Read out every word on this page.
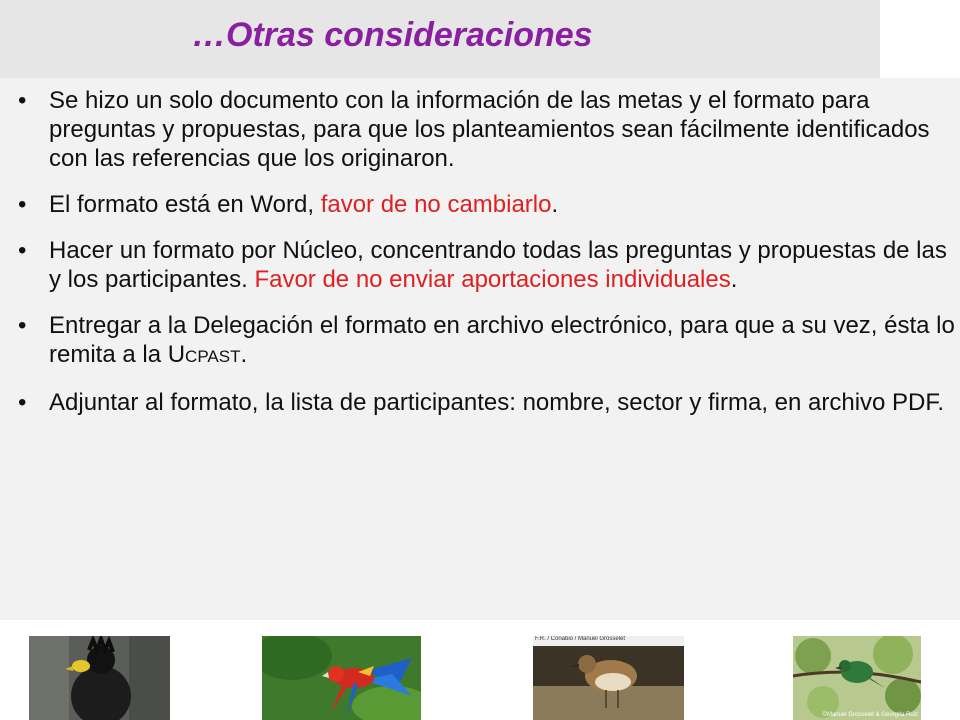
…Otras consideraciones
• Se hizo un solo documento con la información de las metas y el formato para preguntas y propuestas, para que los planteamientos sean fácilmente identificados con las referencias que los originaron.
• El formato está en Word, favor de no cambiarlo.
• Hacer un formato por Núcleo, concentrando todas las preguntas y propuestas de las y los participantes. Favor de no enviar aportaciones individuales.
• Entregar a la Delegación el formato en archivo electrónico, para que a su vez, ésta lo remita a la UCPAST.
• Adjuntar al formato, la lista de participantes: nombre, sector y firma, en archivo PDF.
F.R. / Conabio / Manuel Grosselet
©Manuel Grosselet & Georgita Ruiz
